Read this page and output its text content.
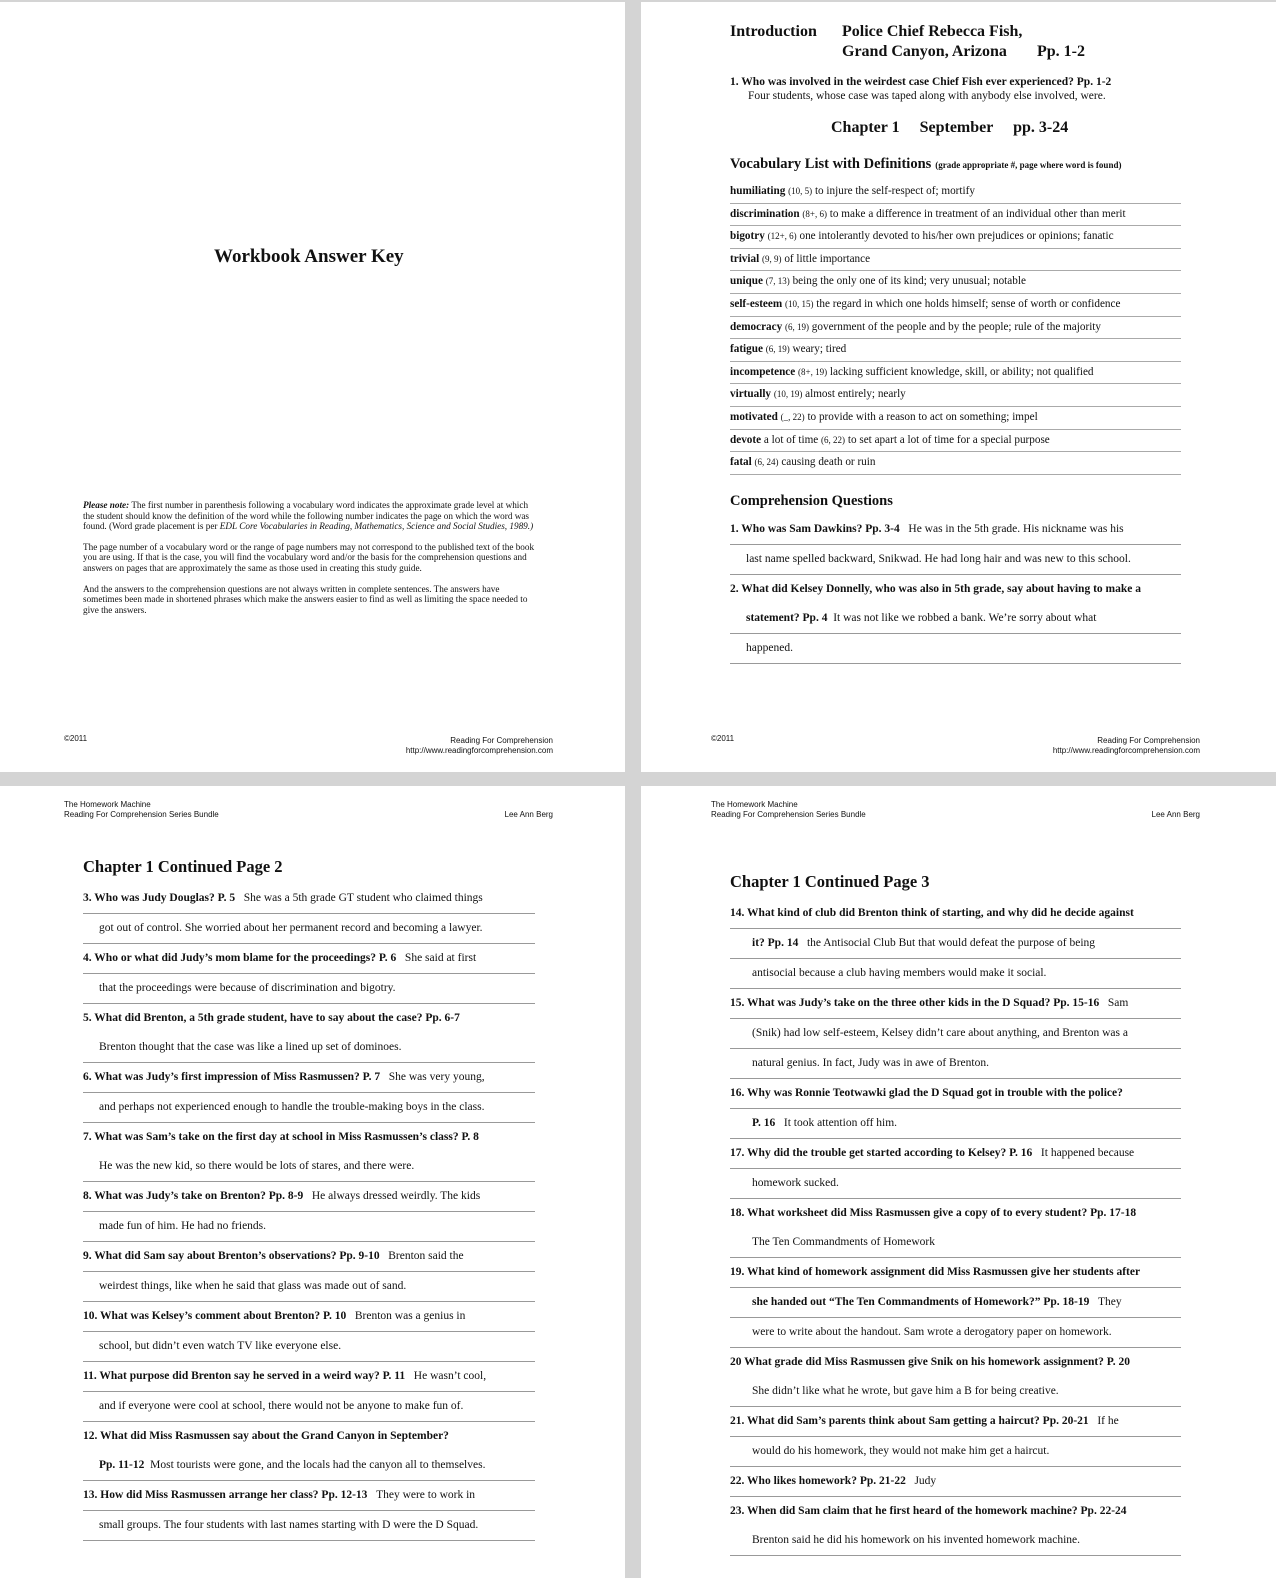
Workbook Answer Key

Please note: The first number in parenthesis following a vocabulary word indicates the approximate grade level at which the student should know the definition of the word while the following number indicates the page on which the word was found. (Word grade placement is per EDL Core Vocabularies in Reading, Mathematics, Science and Social Studies, 1989.)

The page number of a vocabulary word or the range of page numbers may not correspond to the published text of the book you are using. If that is the case, you will find the vocabulary word and/or the basis for the comprehension questions and answers on pages that are approximately the same as those used in creating this study guide.

And the answers to the comprehension questions are not always written in complete sentences. The answers have sometimes been made in shortened phrases which make the answers easier to find as well as limiting the space needed to give the answers.

©2011	Reading For Comprehension
http://www.readingforcomprehension.com
Introduction Police Chief Rebecca Fish,
Grand Canyon, Arizona Pp. 1-2
1. Who was involved in the weirdest case Chief Fish ever experienced? Pp. 1-2
Four students, whose case was taped along with anybody else involved, were.
Chapter 1     September     pp. 3-24
Vocabulary List with Definitions (grade appropriate #, page where word is found)
humiliating (10, 5) to injure the self-respect of; mortify
discrimination (8+, 6) to make a difference in treatment of an individual other than merit
bigotry (12+, 6) one intolerantly devoted to his/her own prejudices or opinions; fanatic
trivial (9, 9) of little importance
unique (7, 13) being the only one of its kind; very unusual; notable
self-esteem (10, 15) the regard in which one holds himself; sense of worth or confidence
democracy (6, 19) government of the people and by the people; rule of the majority
fatigue (6, 19) weary; tired
incompetence (8+, 19) lacking sufficient knowledge, skill, or ability; not qualified
virtually (10, 19) almost entirely; nearly
motivated (_, 22) to provide with a reason to act on something; impel
devote a lot of time (6, 22) to set apart a lot of time for a special purpose
fatal (6, 24) causing death or ruin
Comprehension Questions
1. Who was Sam Dawkins? Pp. 3-4 He was in the 5th grade. His nickname was his
last name spelled backward, Snikwad. He had long hair and was new to this school.
2. What did Kelsey Donnelly, who was also in 5th grade, say about having to make a
statement? Pp. 4 It was not like we robbed a bank. We’re sorry about what
happened.
©2011	Reading For Comprehension
http://www.readingforcomprehension.com
The Homework Machine
Reading For Comprehension Series Bundle	Lee Ann Berg
Chapter 1 Continued Page 2
3. Who was Judy Douglas? P. 5 She was a 5th grade GT student who claimed things
got out of control. She worried about her permanent record and becoming a lawyer.
4. Who or what did Judy’s mom blame for the proceedings? P. 6 She said at first
that the proceedings were because of discrimination and bigotry.
5. What did Brenton, a 5th grade student, have to say about the case? Pp. 6-7
Brenton thought that the case was like a lined up set of dominoes.
6. What was Judy’s first impression of Miss Rasmussen? P. 7 She was very young,
and perhaps not experienced enough to handle the trouble-making boys in the class.
7. What was Sam’s take on the first day at school in Miss Rasmussen’s class? P. 8
He was the new kid, so there would be lots of stares, and there were.
8. What was Judy’s take on Brenton? Pp. 8-9 He always dressed weirdly. The kids
made fun of him. He had no friends.
9. What did Sam say about Brenton’s observations? Pp. 9-10 Brenton said the
weirdest things, like when he said that glass was made out of sand.
10. What was Kelsey’s comment about Brenton? P. 10 Brenton was a genius in
school, but didn’t even watch TV like everyone else.
11. What purpose did Brenton say he served in a weird way? P. 11 He wasn’t cool,
and if everyone were cool at school, there would not be anyone to make fun of.
12. What did Miss Rasmussen say about the Grand Canyon in September?
Pp. 11-12 Most tourists were gone, and the locals had the canyon all to themselves.
13. How did Miss Rasmussen arrange her class? Pp. 12-13 They were to work in
small groups. The four students with last names starting with D were the D Squad.
The Homework Machine
Reading For Comprehension Series Bundle	Lee Ann Berg
Chapter 1 Continued Page 3
14. What kind of club did Brenton think of starting, and why did he decide against
it? Pp. 14 the Antisocial Club But that would defeat the purpose of being
antisocial because a club having members would make it social.
15. What was Judy’s take on the three other kids in the D Squad? Pp. 15-16 Sam
(Snik) had low self-esteem, Kelsey didn’t care about anything, and Brenton was a
natural genius. In fact, Judy was in awe of Brenton.
16. Why was Ronnie Teotwawki glad the D Squad got in trouble with the police?
P. 16 It took attention off him.
17. Why did the trouble get started according to Kelsey? P. 16 It happened because
homework sucked.
18. What worksheet did Miss Rasmussen give a copy of to every student? Pp. 17-18
The Ten Commandments of Homework
19. What kind of homework assignment did Miss Rasmussen give her students after
she handed out “The Ten Commandments of Homework?” Pp. 18-19 They
were to write about the handout. Sam wrote a derogatory paper on homework.
20 What grade did Miss Rasmussen give Snik on his homework assignment? P. 20
She didn’t like what he wrote, but gave him a B for being creative.
21. What did Sam’s parents think about Sam getting a haircut? Pp. 20-21 If he
would do his homework, they would not make him get a haircut.
22. Who likes homework? Pp. 21-22 Judy
23. When did Sam claim that he first heard of the homework machine? Pp. 22-24
Brenton said he did his homework on his invented homework machine.
